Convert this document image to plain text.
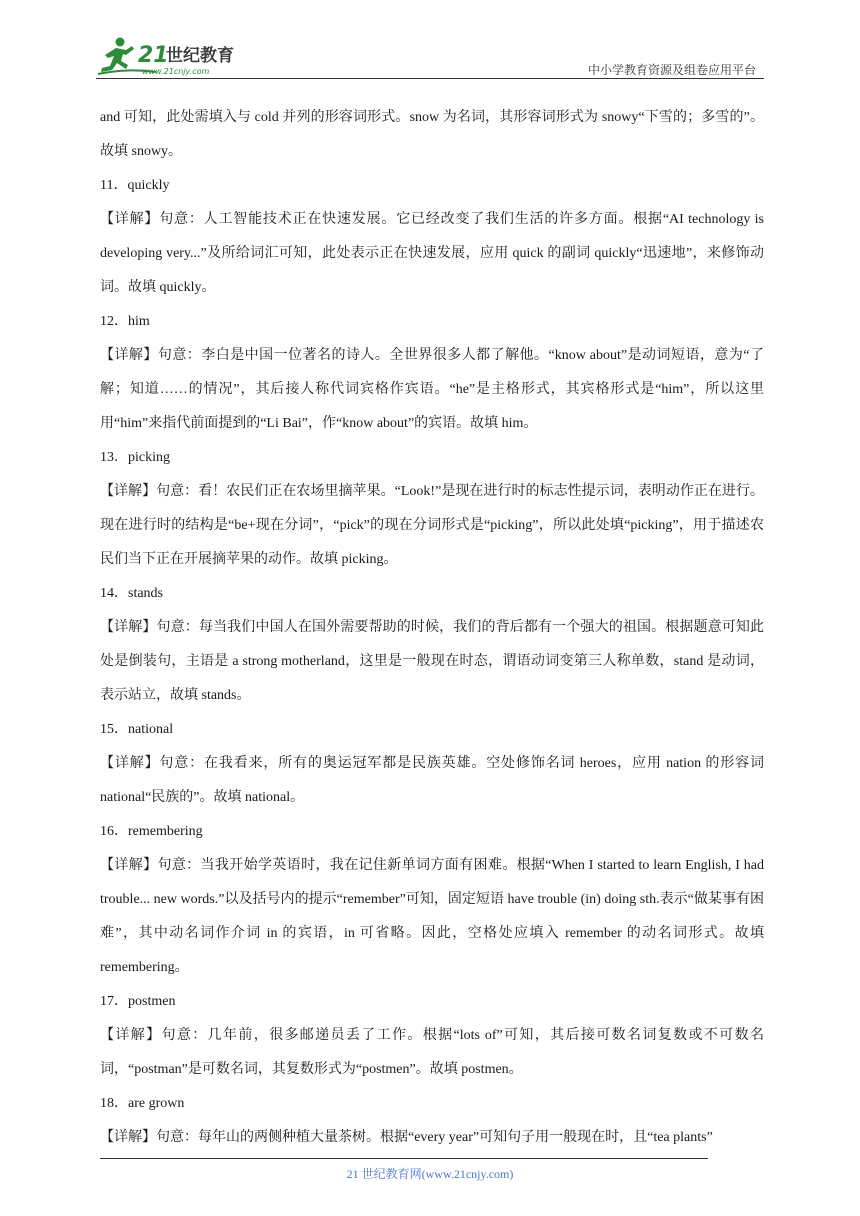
21
世纪教育
www.21cnjy.com	中小学教育资源及组卷应用平台

and 可知，此处需填入与 cold 并列的形容词形式。snow 为名词，其形容词形式为 snowy“下雪的；多雪的”。故填 snowy。

11．quickly

【详解】句意：人工智能技术正在快速发展。它已经改变了我们生活的许多方面。根据“AI technology is developing very...”及所给词汇可知，此处表示正在快速发展，应用 quick 的副词 quickly“迅速地”，来修饰动词。故填 quickly。

12．him

【详解】句意：李白是中国一位著名的诗人。全世界很多人都了解他。“know about”是动词短语，意为“了解；知道……的情况”，其后接人称代词宾格作宾语。“he”是主格形式，其宾格形式是“him”，所以这里用“him”来指代前面提到的“Li Bai”，作“know about”的宾语。故填 him。

13．picking

【详解】句意：看！农民们正在农场里摘苹果。“Look!”是现在进行时的标志性提示词，表明动作正在进行。现在进行时的结构是“be+现在分词”，“pick”的现在分词形式是“picking”，所以此处填“picking”，用于描述农民们当下正在开展摘苹果的动作。故填 picking。

14．stands

【详解】句意：每当我们中国人在国外需要帮助的时候，我们的背后都有一个强大的祖国。根据题意可知此处是倒装句，主语是 a strong motherland，这里是一般现在时态，谓语动词变第三人称单数，stand 是动词，表示站立，故填 stands。

15．national

【详解】句意：在我看来，所有的奥运冠军都是民族英雄。空处修饰名词 heroes，应用 nation 的形容词 national“民族的”。故填 national。

16．remembering

【详解】句意：当我开始学英语时，我在记住新单词方面有困难。根据“When I started to learn English, I had trouble... new words.”以及括号内的提示“remember”可知，固定短语 have trouble (in) doing sth.表示“做某事有困难”，其中动名词作介词 in 的宾语，in 可省略。因此，空格处应填入 remember 的动名词形式。故填 remembering。

17．postmen

【详解】句意：几年前，很多邮递员丢了工作。根据“lots of”可知，其后接可数名词复数或不可数名词，“postman”是可数名词，其复数形式为“postmen”。故填 postmen。

18．are grown

【详解】句意：每年山的两侧种植大量茶树。根据“every year”可知句子用一般现在时，且“tea plants”

21 世纪教育网(www.21cnjy.com)
